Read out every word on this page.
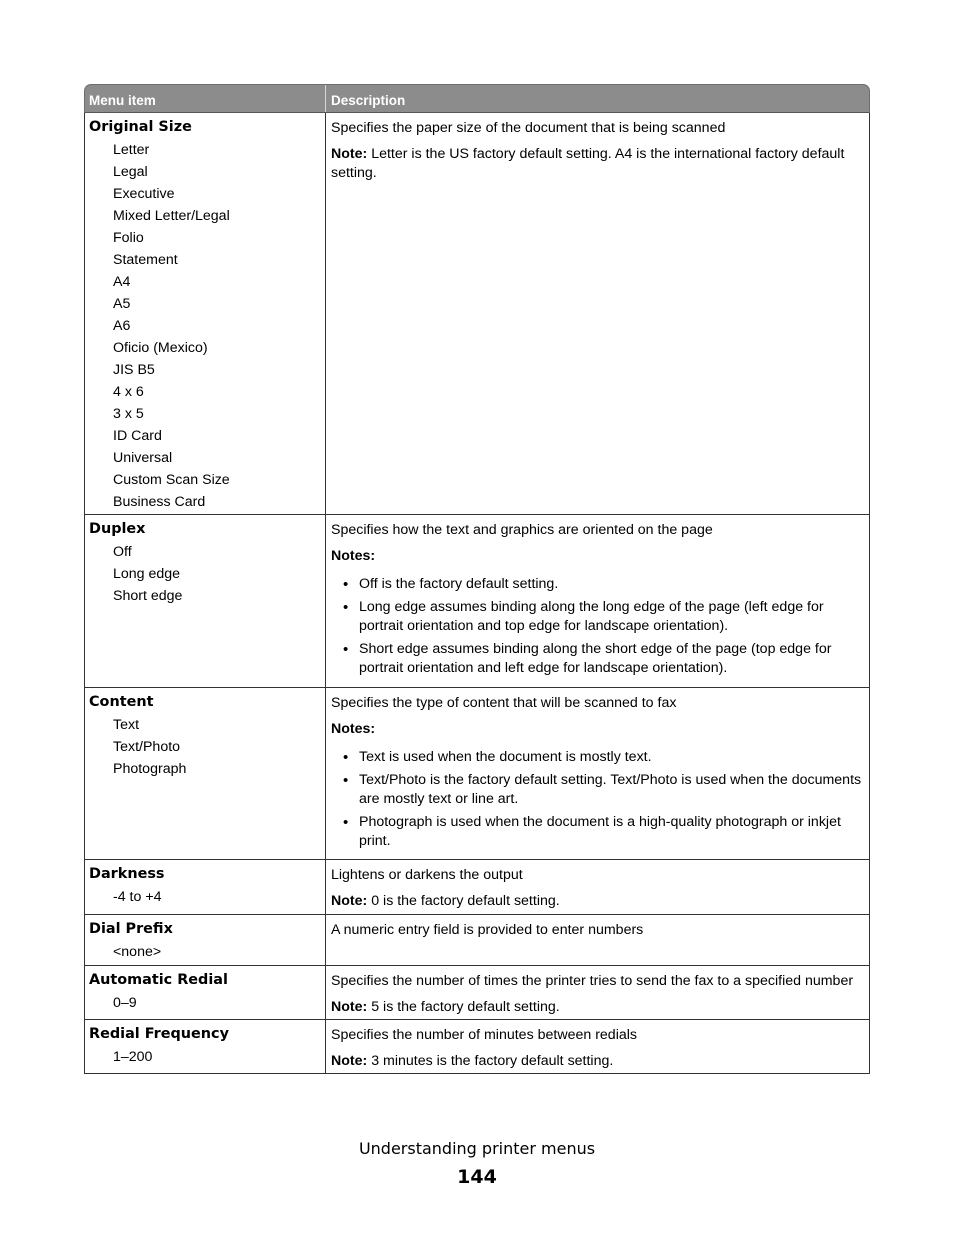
Menu item	Description
Original Size
Letter
Legal
Executive
Mixed Letter/Legal
Folio
Statement
A4
A5
A6
Oficio (Mexico)
JIS B5
4 x 6
3 x 5
ID Card
Universal
Custom Scan Size
Business Card

Specifies the paper size of the document that is being scanned

Note: Letter is the US factory default setting. A4 is the international factory default setting.

Duplex
Off
Long edge
Short edge

Specifies how the text and graphics are oriented on the page

Notes:

• Off is the factory default setting.
• Long edge assumes binding along the long edge of the page (left edge for portrait orientation and top edge for landscape orientation).
• Short edge assumes binding along the short edge of the page (top edge for portrait orientation and left edge for landscape orientation).
Content
Text
Text/Photo
Photograph

Specifies the type of content that will be scanned to fax

Notes:

• Text is used when the document is mostly text.
• Text/Photo is the factory default setting. Text/Photo is used when the documents are mostly text or line art.
• Photograph is used when the document is a high-quality photograph or inkjet print.
Darkness
-4 to +4

Lightens or darkens the output

Note: 0 is the factory default setting.

Dial Prefix
<none>

A numeric entry field is provided to enter numbers

Automatic Redial
0–9

Specifies the number of times the printer tries to send the fax to a specified number

Note: 5 is the factory default setting.

Redial Frequency
1–200

Specifies the number of minutes between redials

Note: 3 minutes is the factory default setting.

Understanding printer menus
144
